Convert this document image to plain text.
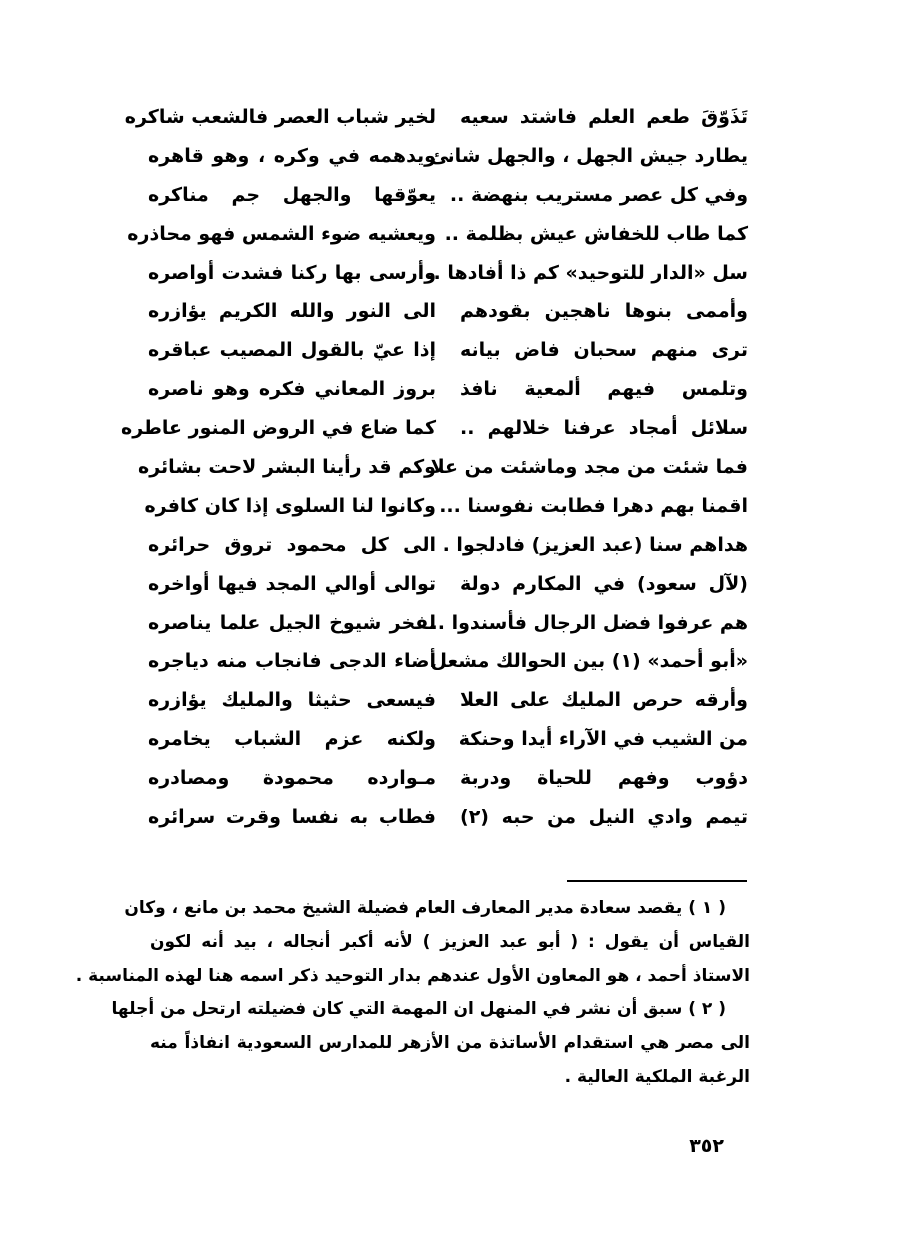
تَذَوّقَ طعم العلم فاشتد سعيه
لخير شباب العصر فالشعب شاكره
يطارد جيش الجهل ، والجهل شانئ
ويدهمه في وكره ، وهو قاهره
وفي كل عصر مستريب بنهضة ..
يعوّقها والجهل جم مناكره
كما طاب للخفاش عيش بظلمة ..
ويعشيه ضوء الشمس فهو محاذره
سل «الدار للتوحيد» كم ذا أفادها ..
وأرسى بها ركنا فشدت أواصره
وأممى بنوها ناهجين بقودهم
الى النور والله الكريم يؤازره
ترى منهم سحبان فاض بيانه
إذا عيّ بالقول المصيب عباقره
وتلمس فيهم ألمعية نافذ
بروز المعاني فكره وهو ناصره
سلائل أمجاد عرفنا خلالهم ..
كما ضاع في الروض المنور عاطره
فما شئت من مجد وماشئت من علا
وكم قد رأينا البشر لاحت بشائره
اقمنا بهم دهرا فطابت نفوسنا ...
وكانوا لنا السلوى إذا كان كافره
هداهم سنا (عبد العزيز) فادلجوا .
الى كل محمود تروق حرائره
(لآل سعود) في المكارم دولة
توالى أوالي المجد فيها أواخره
هم عرفوا فضل الرجال فأسندوا ..
لفخر شيوخ الجيل علما يناصره
«أبو أحمد» (١) بين الحوالك مشعل
أضاء الدجى فانجاب منه دياجره
وأرقه حرص المليك على العلا
فيسعى حثيثا والمليك يؤازره
من الشيب في الآراء أيدا وحنكة
ولكنه عزم الشباب يخامره
دؤوب وفهم للحياة ودربة
مـوارده محمودة ومصادره
تيمم وادي النيل من حبه (٢)
فطاب به نفسا وقرت سرائره
( ١ ) يقصد سعادة مدير المعارف العام فضيلة الشيخ محمد بن مانع ، وكان
القياس أن يقول : ( أبو عبد العزيز ) لأنه أكبر أنجاله ، بيد أنه لكون
الاستاذ أحمد ، هو المعاون الأول عندهم بدار التوحيد ذكر اسمه هنا لهذه المناسبة .
( ٢ ) سبق أن نشر في المنهل ان المهمة التي كان فضيلته ارتحل من أجلها
الى مصر هي استقدام الأساتذة من الأزهر للمدارس السعودية انفاذاً منه
الرغبة الملكية العالية .
٣٥٢
